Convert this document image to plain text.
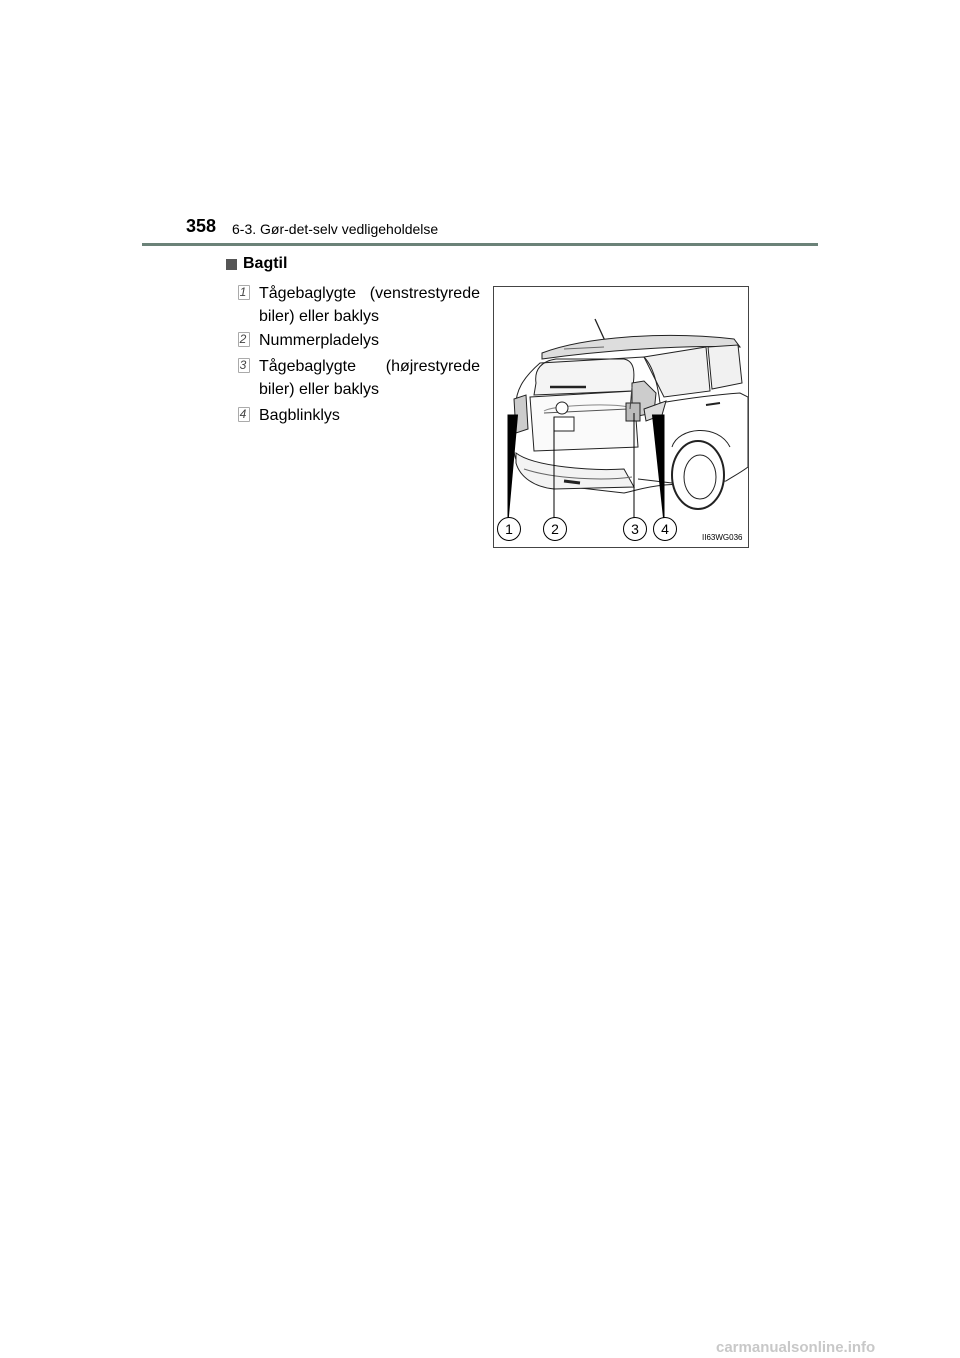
358 6-3. Gør-det-selv vedligeholdelse
Bagtil
1 Tågebaglygte (venstrestyrede biler) eller baklys
2 Nummerpladelys
3 Tågebaglygte (højrestyrede biler) eller baklys
4 Bagblinklys
1	2	3	4
II63WG036
carmanualsonline.info
